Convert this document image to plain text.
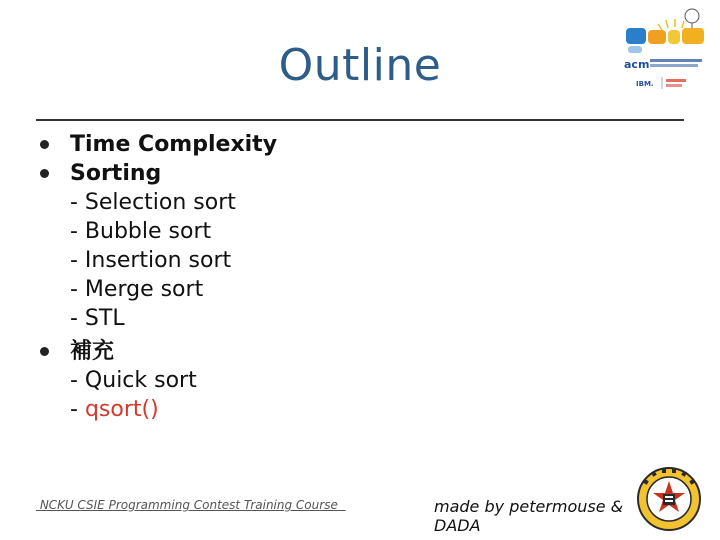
Outline	acm
IBM.
Time Complexity
Sorting
- Selection sort
- Bubble sort
- Insertion sort
- Merge sort
- STL
補充
- Quick sort
- qsort()
NCKU CSIE Programming Contest Training Course	made by petermouse & DADA
